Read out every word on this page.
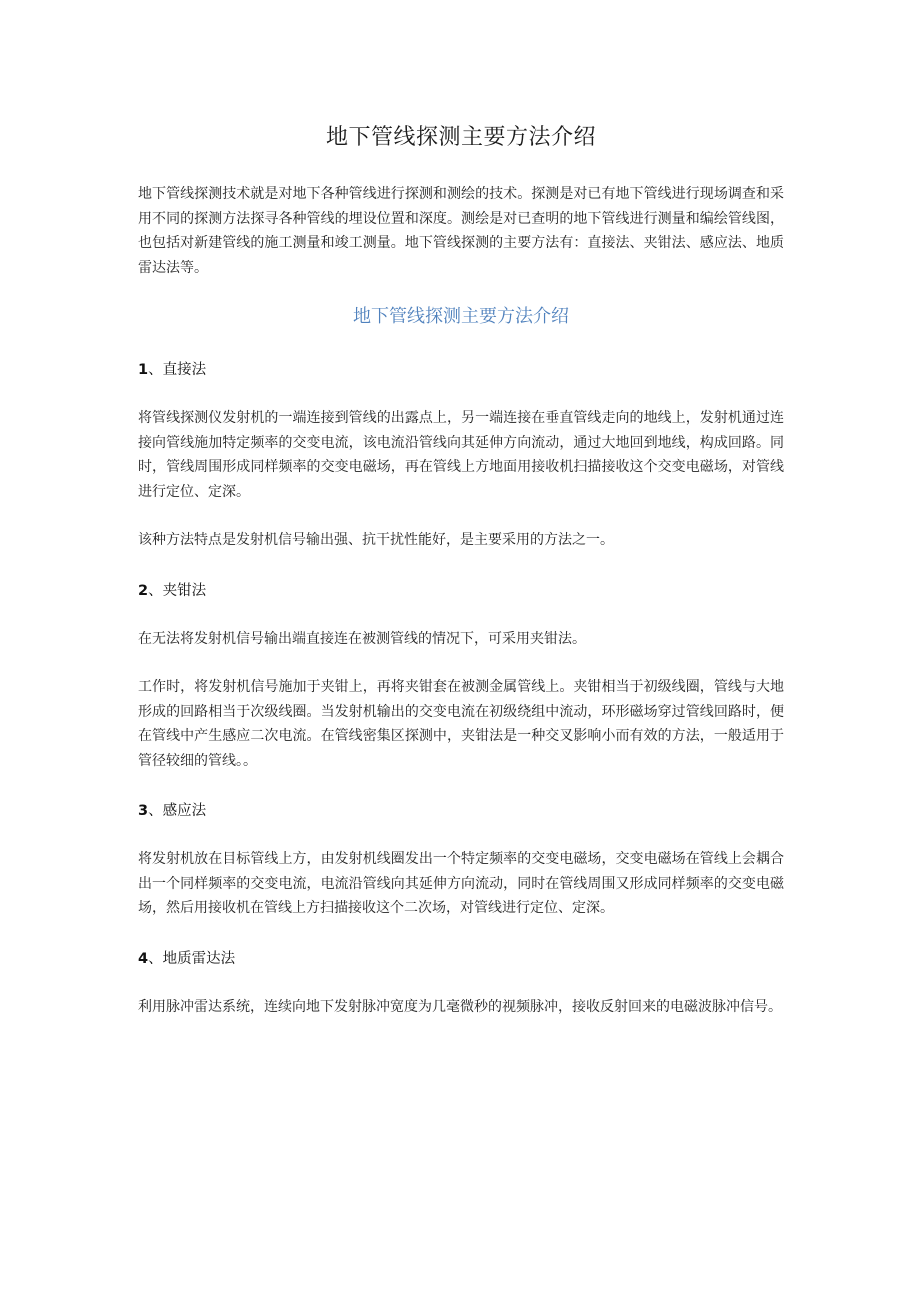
地下管线探测主要方法介绍

地下管线探测技术就是对地下各种管线进行探测和测绘的技术。探测是对已有地下管线进行现场调查和采用不同的探测方法探寻各种管线的埋设位置和深度。测绘是对已查明的地下管线进行测量和编绘管线图，也包括对新建管线的施工测量和竣工测量。地下管线探测的主要方法有：直接法、夹钳法、感应法、地质雷达法等。

地下管线探测主要方法介绍
1、直接法

将管线探测仪发射机的一端连接到管线的出露点上，另一端连接在垂直管线走向的地线上，发射机通过连接向管线施加特定频率的交变电流，该电流沿管线向其延伸方向流动，通过大地回到地线，构成回路。同时，管线周围形成同样频率的交变电磁场，再在管线上方地面用接收机扫描接收这个交变电磁场，对管线进行定位、定深。

该种方法特点是发射机信号输出强、抗干扰性能好，是主要采用的方法之一。

2、夹钳法

在无法将发射机信号输出端直接连在被测管线的情况下，可采用夹钳法。

工作时，将发射机信号施加于夹钳上，再将夹钳套在被测金属管线上。夹钳相当于初级线圈，管线与大地形成的回路相当于次级线圈。当发射机输出的交变电流在初级绕组中流动，环形磁场穿过管线回路时，便在管线中产生感应二次电流。在管线密集区探测中，夹钳法是一种交叉影响小而有效的方法，一般适用于管径较细的管线。。

3、感应法

将发射机放在目标管线上方，由发射机线圈发出一个特定频率的交变电磁场，交变电磁场在管线上会耦合出一个同样频率的交变电流，电流沿管线向其延伸方向流动，同时在管线周围又形成同样频率的交变电磁场，然后用接收机在管线上方扫描接收这个二次场，对管线进行定位、定深。

4、地质雷达法

利用脉冲雷达系统，连续向地下发射脉冲宽度为几毫微秒的视频脉冲，接收反射回来的电磁波脉冲信号。
